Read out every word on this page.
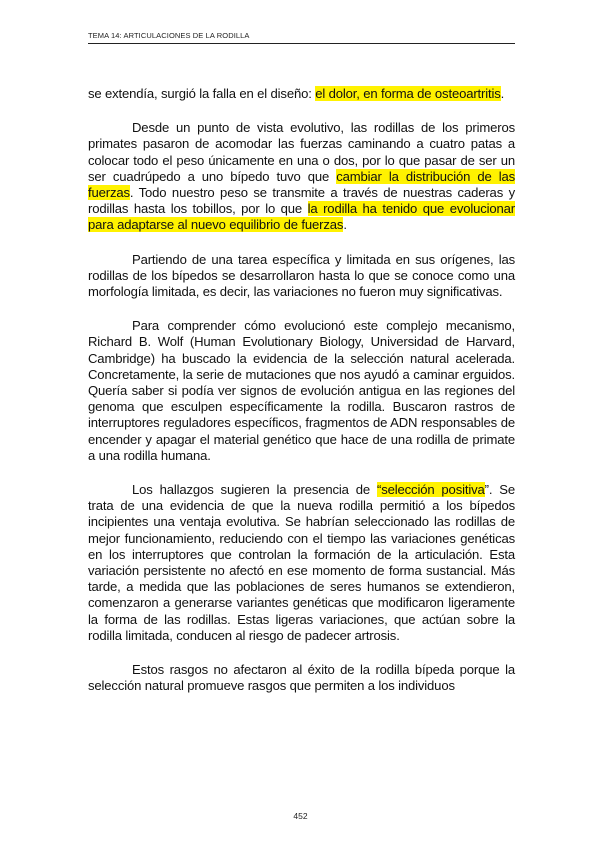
TEMA 14: ARTICULACIONES DE LA RODILLA

se extendía, surgió la falla en el diseño: el dolor, en forma de osteoartritis.

Desde un punto de vista evolutivo, las rodillas de los primeros primates pasaron de acomodar las fuerzas caminando a cuatro patas a colocar todo el peso únicamente en una o dos, por lo que pasar de ser un ser cuadrúpedo a uno bípedo tuvo que cambiar la distribución de las fuerzas. Todo nuestro peso se transmite a través de nuestras caderas y rodillas hasta los tobillos, por lo que la rodilla ha tenido que evolucionar para adaptarse al nuevo equilibrio de fuerzas.

Partiendo de una tarea específica y limitada en sus orígenes, las rodillas de los bípedos se desarrollaron hasta lo que se conoce como una morfología limitada, es decir, las variaciones no fueron muy significativas.

Para comprender cómo evolucionó este complejo mecanismo, Richard B. Wolf (Human Evolutionary Biology, Universidad de Harvard, Cambridge) ha buscado la evidencia de la selección natural acelerada. Concretamente, la serie de mutaciones que nos ayudó a caminar erguidos. Quería saber si podía ver signos de evolución antigua en las regiones del genoma que esculpen específicamente la rodilla. Buscaron rastros de interruptores reguladores específicos, fragmentos de ADN responsables de encender y apagar el material genético que hace de una rodilla de primate a una rodilla humana.

Los hallazgos sugieren la presencia de “selección positiva”. Se trata de una evidencia de que la nueva rodilla permitió a los bípedos incipientes una ventaja evolutiva. Se habrían seleccionado las rodillas de mejor funcionamiento, reduciendo con el tiempo las variaciones genéticas en los interruptores que controlan la formación de la articulación. Esta variación persistente no afectó en ese momento de forma sustancial. Más tarde, a medida que las poblaciones de seres humanos se extendieron, comenzaron a generarse variantes genéticas que modificaron ligeramente la forma de las rodillas. Estas ligeras variaciones, que actúan sobre la rodilla limitada, conducen al riesgo de padecer artrosis.

Estos rasgos no afectaron al éxito de la rodilla bípeda porque la selección natural promueve rasgos que permiten a los individuos

452
